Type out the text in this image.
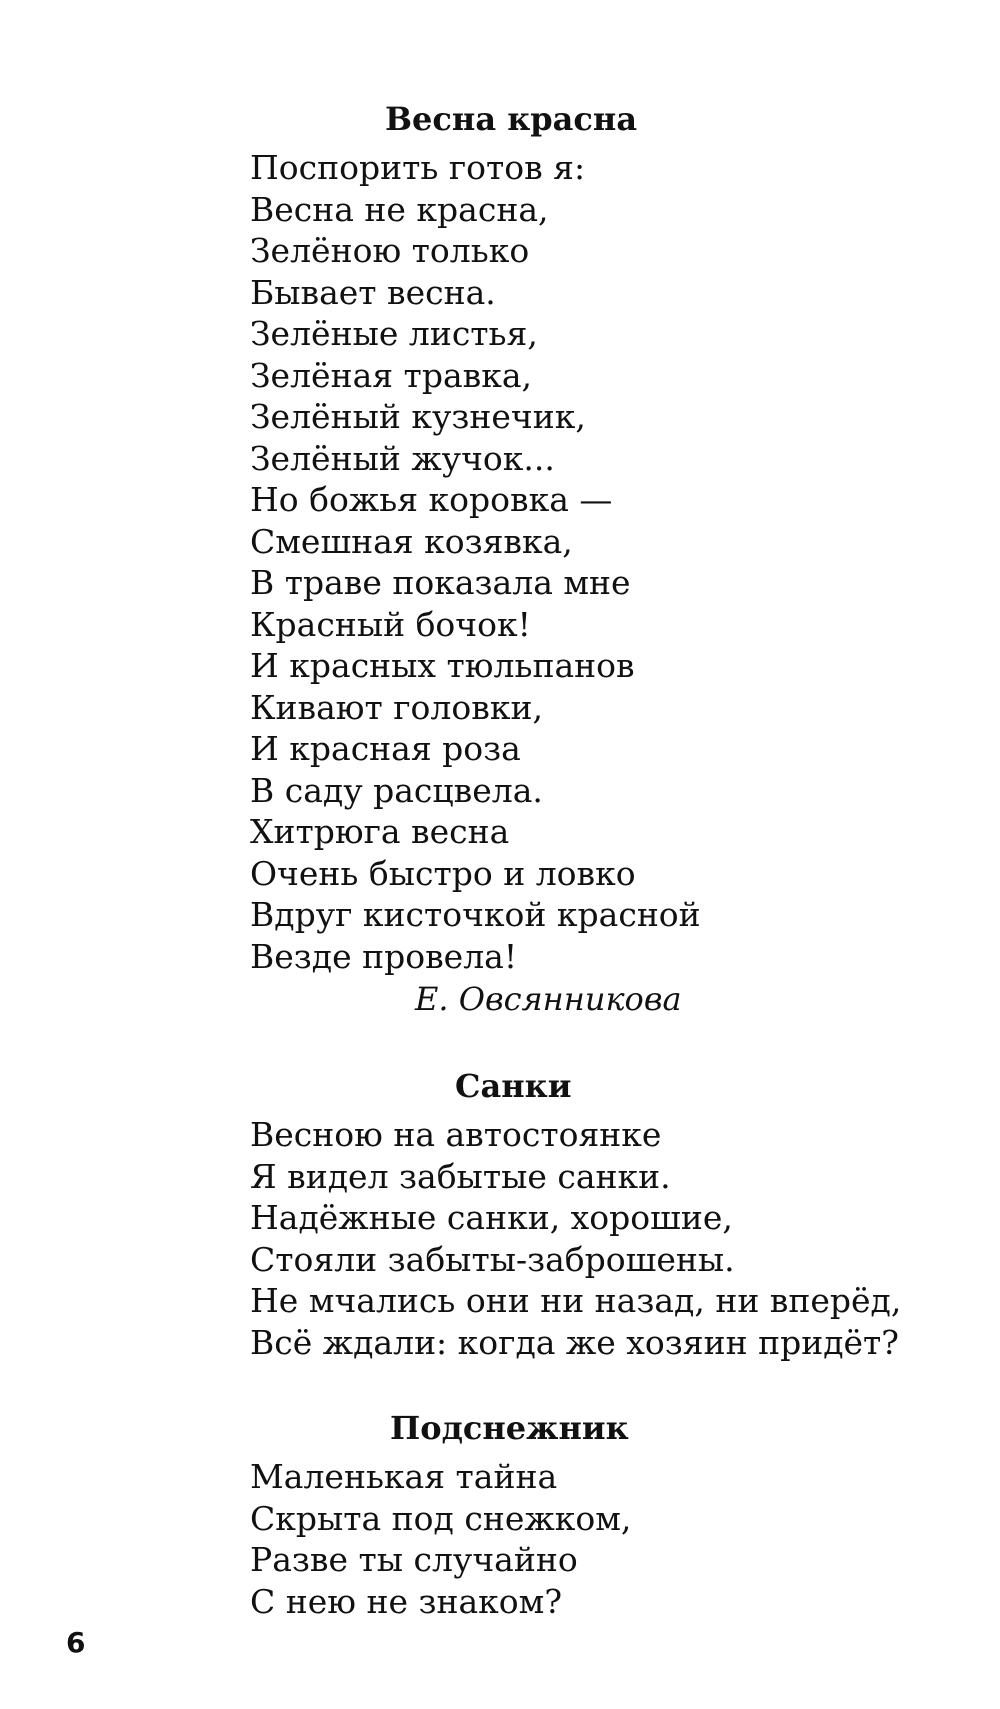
Весна красна
Поспорить готов я:
Весна не красна,
Зелёною только
Бывает весна.
Зелёные листья,
Зелёная травка,
Зелёный кузнечик,
Зелёный жучок...
Но божья коровка —
Смешная козявка,
В траве показала мне
Красный бочок!
И красных тюльпанов
Кивают головки,
И красная роза
В саду расцвела.
Хитрюга весна
Очень быстро и ловко
Вдруг кисточкой красной
Везде провела!
Е. Овсянникова
Санки
Весною на автостоянке
Я видел забытые санки.
Надёжные санки, хорошие,
Стояли забыты-заброшены.
Не мчались они ни назад, ни вперёд,
Всё ждали: когда же хозяин придёт?
Подснежник
Маленькая тайна
Скрыта под снежком,
Разве ты случайно
С нею не знаком?
6
